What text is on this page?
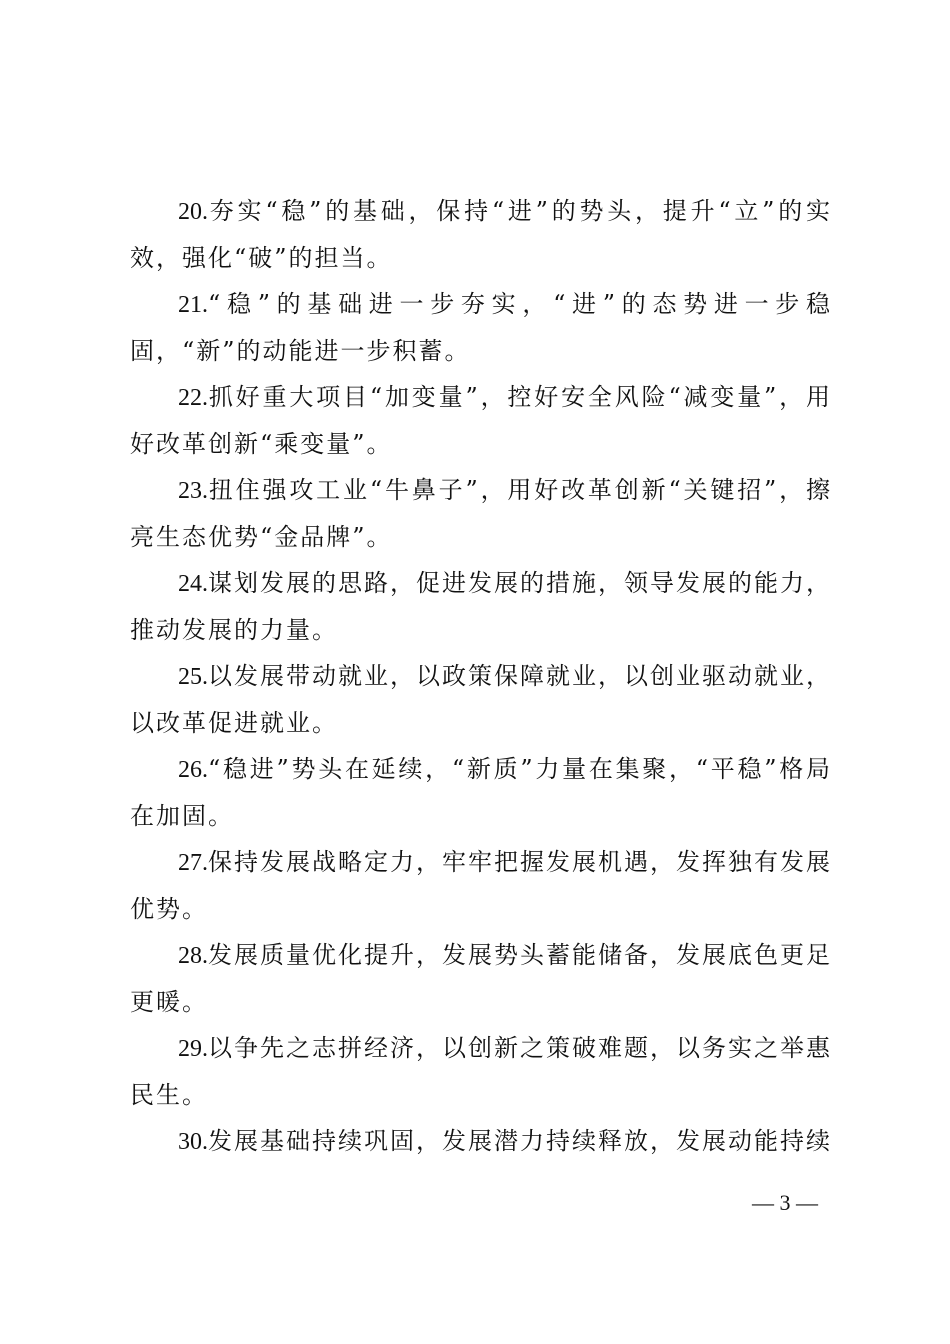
20.夯实“稳”的基础，保持“进”的势头，提升“立”的实效，强化“破”的担当。

21.“稳”的基础进一步夯实，“进”的态势进一步稳固，“新”的动能进一步积蓄。

22.抓好重大项目“加变量”，控好安全风险“减变量”，用好改革创新“乘变量”。

23.扭住强攻工业“牛鼻子”，用好改革创新“关键招”，擦亮生态优势“金品牌”。

24.谋划发展的思路，促进发展的措施，领导发展的能力，推动发展的力量。

25.以发展带动就业，以政策保障就业，以创业驱动就业，以改革促进就业。

26.“稳进”势头在延续，“新质”力量在集聚，“平稳”格局在加固。

27.保持发展战略定力，牢牢把握发展机遇，发挥独有发展优势。

28.发展质量优化提升，发展势头蓄能储备，发展底色更足更暖。

29.以争先之志拼经济，以创新之策破难题，以务实之举惠民生。

30.发展基础持续巩固，发展潜力持续释放，发展动能持续

— 3 —
